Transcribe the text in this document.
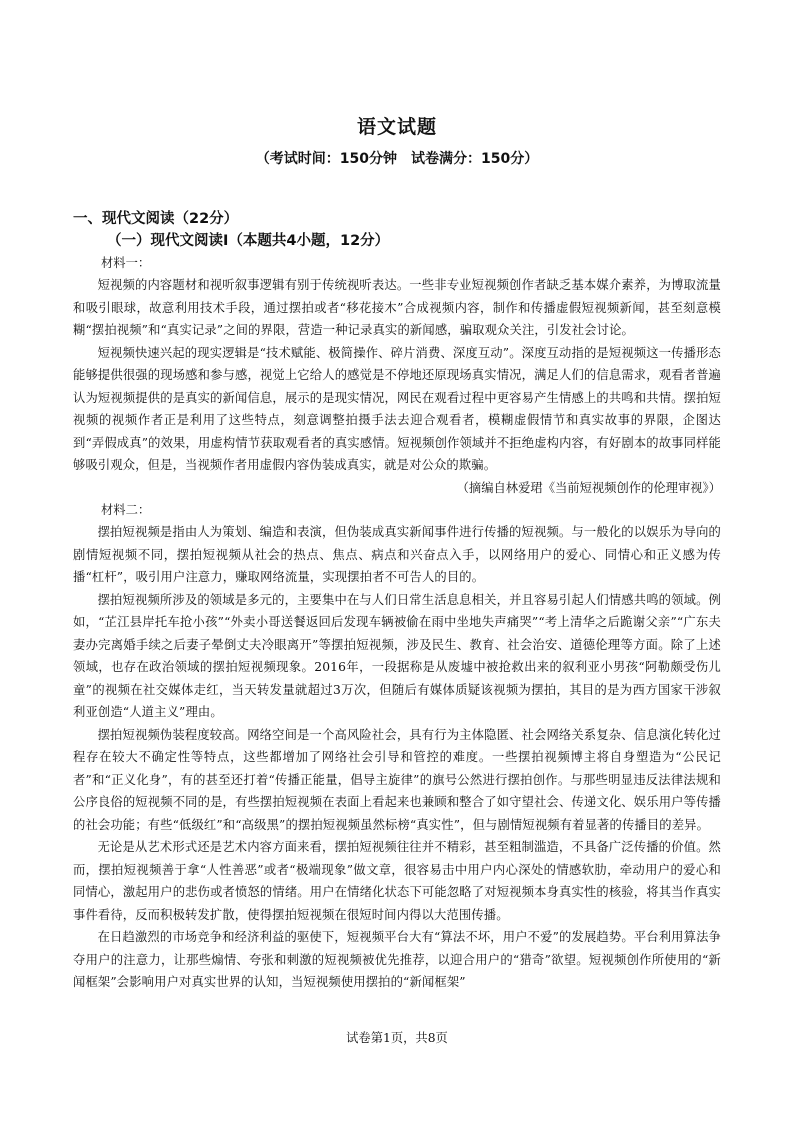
语文试题
（考试时间：150分钟　试卷满分：150分）

一、现代文阅读（22分）

（一）现代文阅读Ⅰ（本题共4小题，12分）

材料一：

短视频的内容题材和视听叙事逻辑有别于传统视听表达。一些非专业短视频创作者缺乏基本媒介素养，为博取流量和吸引眼球，故意利用技术手段，通过摆拍或者“移花接木”合成视频内容，制作和传播虚假短视频新闻，甚至刻意模糊“摆拍视频”和“真实记录”之间的界限，营造一种记录真实的新闻感，骗取观众关注，引发社会讨论。

短视频快速兴起的现实逻辑是“技术赋能、极简操作、碎片消费、深度互动”。深度互动指的是短视频这一传播形态能够提供很强的现场感和参与感，视觉上它给人的感觉是不停地还原现场真实情况，满足人们的信息需求，观看者普遍认为短视频提供的是真实的新闻信息，展示的是现实情况，网民在观看过程中更容易产生情感上的共鸣和共情。摆拍短视频的视频作者正是利用了这些特点，刻意调整拍摄手法去迎合观看者，模糊虚假情节和真实故事的界限，企图达到“弄假成真”的效果，用虚构情节获取观看者的真实感情。短视频创作领域并不拒绝虚构内容，有好剧本的故事同样能够吸引观众，但是，当视频作者用虚假内容伪装成真实，就是对公众的欺骗。

（摘编自林爱珺《当前短视频创作的伦理审视》）

材料二：

摆拍短视频是指由人为策划、编造和表演，但伪装成真实新闻事件进行传播的短视频。与一般化的以娱乐为导向的剧情短视频不同，摆拍短视频从社会的热点、焦点、病点和兴奋点入手，以网络用户的爱心、同情心和正义感为传播“杠杆”，吸引用户注意力，赚取网络流量，实现摆拍者不可告人的目的。

摆拍短视频所涉及的领域是多元的，主要集中在与人们日常生活息息相关，并且容易引起人们情感共鸣的领域。例如，“芷江县岸托车抢小孩”“外卖小哥送餐返回后发现车辆被偷在雨中坐地失声痛哭”“考上清华之后跪谢父亲”“广东夫妻办完离婚手续之后妻子晕倒丈夫冷眼离开”等摆拍短视频，涉及民生、教育、社会治安、道德伦理等方面。除了上述领域，也存在政治领域的摆拍短视频现象。2016年，一段据称是从废墟中被抢救出来的叙利亚小男孩“阿勒颇受伤儿童”的视频在社交媒体走红，当天转发量就超过3万次，但随后有媒体质疑该视频为摆拍，其目的是为西方国家干涉叙利亚创造“人道主义”理由。

摆拍短视频伪装程度较高。网络空间是一个高风险社会，具有行为主体隐匿、社会网络关系复杂、信息演化转化过程存在较大不确定性等特点，这些都增加了网络社会引导和管控的难度。一些摆拍视频博主将自身塑造为“公民记者”和“正义化身”，有的甚至还打着“传播正能量，倡导主旋律”的旗号公然进行摆拍创作。与那些明显违反法律法规和公序良俗的短视频不同的是，有些摆拍短视频在表面上看起来也兼顾和整合了如守望社会、传递文化、娱乐用户等传播的社会功能；有些“低级红”和“高级黑”的摆拍短视频虽然标榜“真实性”，但与剧情短视频有着显著的传播目的差异。

无论是从艺术形式还是艺术内容方面来看，摆拍短视频往往并不精彩，甚至粗制滥造，不具备广泛传播的价值。然而，摆拍短视频善于拿“人性善恶”或者“极端现象”做文章，很容易击中用户内心深处的情感软肋，牵动用户的爱心和同情心，激起用户的悲伤或者愤怒的情绪。用户在情绪化状态下可能忽略了对短视频本身真实性的核验，将其当作真实事件看待，反而积极转发扩散，使得摆拍短视频在很短时间内得以大范围传播。

在日趋激烈的市场竞争和经济利益的驱使下，短视频平台大有“算法不坏，用户不爱”的发展趋势。平台利用算法争夺用户的注意力，让那些煽情、夸张和刺激的短视频被优先推荐，以迎合用户的“猎奇”欲望。短视频创作所使用的“新闻框架”会影响用户对真实世界的认知，当短视频使用摆拍的“新闻框架”

试卷第1页，共8页
